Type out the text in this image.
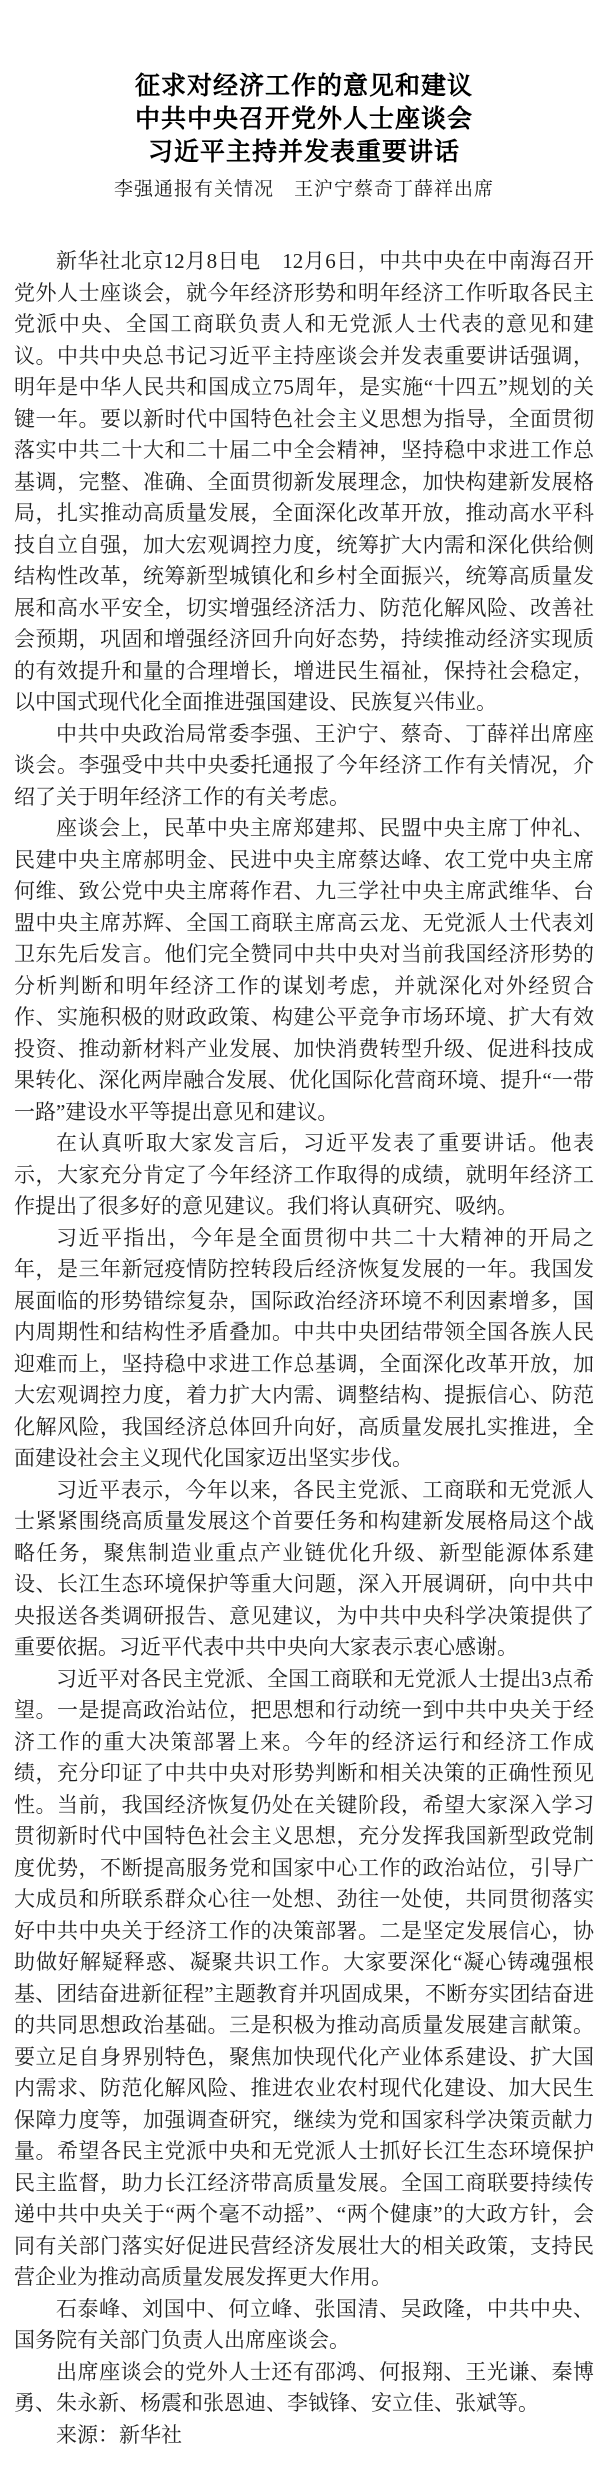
征求对经济工作的意见和建议
中共中央召开党外人士座谈会
习近平主持并发表重要讲话
李强通报有关情况　王沪宁蔡奇丁薛祥出席

新华社北京12月8日电　12月6日，中共中央在中南海召开党外人士座谈会，就今年经济形势和明年经济工作听取各民主党派中央、全国工商联负责人和无党派人士代表的意见和建议。中共中央总书记习近平主持座谈会并发表重要讲话强调，明年是中华人民共和国成立75周年，是实施“十四五”规划的关键一年。要以新时代中国特色社会主义思想为指导，全面贯彻落实中共二十大和二十届二中全会精神，坚持稳中求进工作总基调，完整、准确、全面贯彻新发展理念，加快构建新发展格局，扎实推动高质量发展，全面深化改革开放，推动高水平科技自立自强，加大宏观调控力度，统筹扩大内需和深化供给侧结构性改革，统筹新型城镇化和乡村全面振兴，统筹高质量发展和高水平安全，切实增强经济活力、防范化解风险、改善社会预期，巩固和增强经济回升向好态势，持续推动经济实现质的有效提升和量的合理增长，增进民生福祉，保持社会稳定，以中国式现代化全面推进强国建设、民族复兴伟业。

中共中央政治局常委李强、王沪宁、蔡奇、丁薛祥出席座谈会。李强受中共中央委托通报了今年经济工作有关情况，介绍了关于明年经济工作的有关考虑。

座谈会上，民革中央主席郑建邦、民盟中央主席丁仲礼、民建中央主席郝明金、民进中央主席蔡达峰、农工党中央主席何维、致公党中央主席蒋作君、九三学社中央主席武维华、台盟中央主席苏辉、全国工商联主席高云龙、无党派人士代表刘卫东先后发言。他们完全赞同中共中央对当前我国经济形势的分析判断和明年经济工作的谋划考虑，并就深化对外经贸合作、实施积极的财政政策、构建公平竞争市场环境、扩大有效投资、推动新材料产业发展、加快消费转型升级、促进科技成果转化、深化两岸融合发展、优化国际化营商环境、提升“一带一路”建设水平等提出意见和建议。

在认真听取大家发言后，习近平发表了重要讲话。他表示，大家充分肯定了今年经济工作取得的成绩，就明年经济工作提出了很多好的意见建议。我们将认真研究、吸纳。

习近平指出，今年是全面贯彻中共二十大精神的开局之年，是三年新冠疫情防控转段后经济恢复发展的一年。我国发展面临的形势错综复杂，国际政治经济环境不利因素增多，国内周期性和结构性矛盾叠加。中共中央团结带领全国各族人民迎难而上，坚持稳中求进工作总基调，全面深化改革开放，加大宏观调控力度，着力扩大内需、调整结构、提振信心、防范化解风险，我国经济总体回升向好，高质量发展扎实推进，全面建设社会主义现代化国家迈出坚实步伐。

习近平表示，今年以来，各民主党派、工商联和无党派人士紧紧围绕高质量发展这个首要任务和构建新发展格局这个战略任务，聚焦制造业重点产业链优化升级、新型能源体系建设、长江生态环境保护等重大问题，深入开展调研，向中共中央报送各类调研报告、意见建议，为中共中央科学决策提供了重要依据。习近平代表中共中央向大家表示衷心感谢。

习近平对各民主党派、全国工商联和无党派人士提出3点希望。一是提高政治站位，把思想和行动统一到中共中央关于经济工作的重大决策部署上来。今年的经济运行和经济工作成绩，充分印证了中共中央对形势判断和相关决策的正确性预见性。当前，我国经济恢复仍处在关键阶段，希望大家深入学习贯彻新时代中国特色社会主义思想，充分发挥我国新型政党制度优势，不断提高服务党和国家中心工作的政治站位，引导广大成员和所联系群众心往一处想、劲往一处使，共同贯彻落实好中共中央关于经济工作的决策部署。二是坚定发展信心，协助做好解疑释惑、凝聚共识工作。大家要深化“凝心铸魂强根基、团结奋进新征程”主题教育并巩固成果，不断夯实团结奋进的共同思想政治基础。三是积极为推动高质量发展建言献策。要立足自身界别特色，聚焦加快现代化产业体系建设、扩大国内需求、防范化解风险、推进农业农村现代化建设、加大民生保障力度等，加强调查研究，继续为党和国家科学决策贡献力量。希望各民主党派中央和无党派人士抓好长江生态环境保护民主监督，助力长江经济带高质量发展。全国工商联要持续传递中共中央关于“两个毫不动摇”、“两个健康”的大政方针，会同有关部门落实好促进民营经济发展壮大的相关政策，支持民营企业为推动高质量发展发挥更大作用。

石泰峰、刘国中、何立峰、张国清、吴政隆，中共中央、国务院有关部门负责人出席座谈会。

出席座谈会的党外人士还有邵鸿、何报翔、王光谦、秦博勇、朱永新、杨震和张恩迪、李钺锋、安立佳、张斌等。

来源：新华社
